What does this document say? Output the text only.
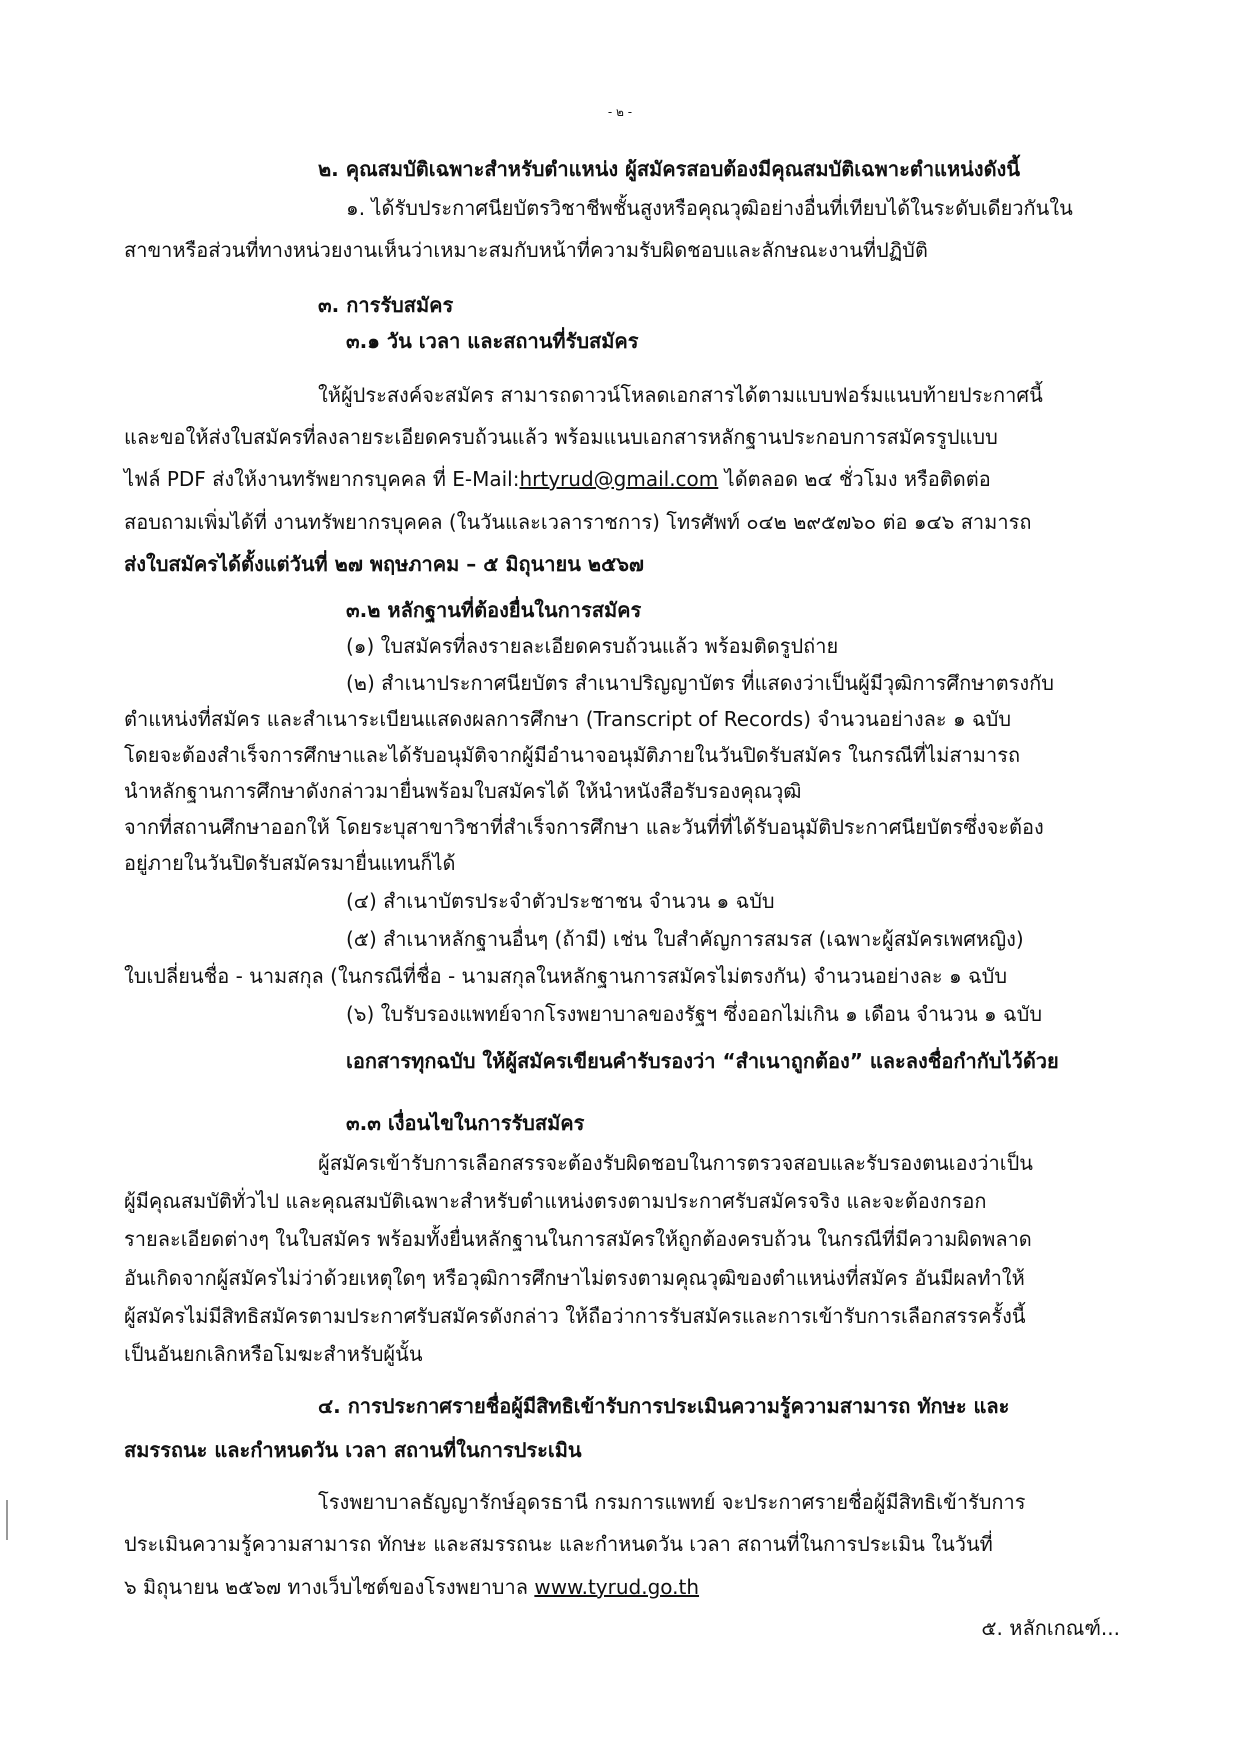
- ๒ -
๒. คุณสมบัติเฉพาะสำหรับตำแหน่ง ผู้สมัครสอบต้องมีคุณสมบัติเฉพาะตำแหน่งดังนี้
๑. ได้รับประกาศนียบัตรวิชาชีพชั้นสูงหรือคุณวุฒิอย่างอื่นที่เทียบได้ในระดับเดียวกันใน
สาขาหรือส่วนที่ทางหน่วยงานเห็นว่าเหมาะสมกับหน้าที่ความรับผิดชอบและลักษณะงานที่ปฏิบัติ
๓. การรับสมัคร
๓.๑ วัน เวลา และสถานที่รับสมัคร
ให้ผู้ประสงค์จะสมัคร สามารถดาวน์โหลดเอกสารได้ตามแบบฟอร์มแนบท้ายประกาศนี้
และขอให้ส่งใบสมัครที่ลงลายระเอียดครบถ้วนแล้ว พร้อมแนบเอกสารหลักฐานประกอบการสมัครรูปแบบ
ไฟล์ PDF ส่งให้งานทรัพยากรบุคคล ที่ E-Mail:hrtyrud@gmail.com ได้ตลอด ๒๔ ชั่วโมง หรือติดต่อ
สอบถามเพิ่มได้ที่ งานทรัพยากรบุคคล (ในวันและเวลาราชการ) โทรศัพท์ ๐๔๒ ๒๙๕๗๖๐ ต่อ ๑๔๖ สามารถ
ส่งใบสมัครได้ตั้งแต่วันที่ ๒๗ พฤษภาคม – ๕ มิถุนายน ๒๕๖๗
๓.๒ หลักฐานที่ต้องยื่นในการสมัคร
(๑) ใบสมัครที่ลงรายละเอียดครบถ้วนแล้ว พร้อมติดรูปถ่าย
(๒) สำเนาประกาศนียบัตร สำเนาปริญญาบัตร ที่แสดงว่าเป็นผู้มีวุฒิการศึกษาตรงกับ
ตำแหน่งที่สมัคร และสำเนาระเบียนแสดงผลการศึกษา (Transcript of Records) จำนวนอย่างละ ๑ ฉบับ
โดยจะต้องสำเร็จการศึกษาและได้รับอนุมัติจากผู้มีอำนาจอนุมัติภายในวันปิดรับสมัคร ในกรณีที่ไม่สามารถ
นำหลักฐานการศึกษาดังกล่าวมายื่นพร้อมใบสมัครได้ ให้นำหนังสือรับรองคุณวุฒิ
จากที่สถานศึกษาออกให้ โดยระบุสาขาวิชาที่สำเร็จการศึกษา และวันที่ที่ได้รับอนุมัติประกาศนียบัตรซึ่งจะต้อง
อยู่ภายในวันปิดรับสมัครมายื่นแทนก็ได้
(๔) สำเนาบัตรประจำตัวประชาชน จำนวน ๑ ฉบับ
(๕) สำเนาหลักฐานอื่นๆ (ถ้ามี) เช่น ใบสำคัญการสมรส (เฉพาะผู้สมัครเพศหญิง)
ใบเปลี่ยนชื่อ - นามสกุล (ในกรณีที่ชื่อ - นามสกุลในหลักฐานการสมัครไม่ตรงกัน) จำนวนอย่างละ ๑ ฉบับ
(๖) ใบรับรองแพทย์จากโรงพยาบาลของรัฐฯ ซึ่งออกไม่เกิน ๑ เดือน จำนวน ๑ ฉบับ
เอกสารทุกฉบับ ให้ผู้สมัครเขียนคำรับรองว่า “สำเนาถูกต้อง” และลงชื่อกำกับไว้ด้วย
๓.๓ เงื่อนไขในการรับสมัคร
ผู้สมัครเข้ารับการเลือกสรรจะต้องรับผิดชอบในการตรวจสอบและรับรองตนเองว่าเป็น
ผู้มีคุณสมบัติทั่วไป และคุณสมบัติเฉพาะสำหรับตำแหน่งตรงตามประกาศรับสมัครจริง และจะต้องกรอก
รายละเอียดต่างๆ ในใบสมัคร พร้อมทั้งยื่นหลักฐานในการสมัครให้ถูกต้องครบถ้วน ในกรณีที่มีความผิดพลาด
อันเกิดจากผู้สมัครไม่ว่าด้วยเหตุใดๆ หรือวุฒิการศึกษาไม่ตรงตามคุณวุฒิของตำแหน่งที่สมัคร อันมีผลทำให้
ผู้สมัครไม่มีสิทธิสมัครตามประกาศรับสมัครดังกล่าว ให้ถือว่าการรับสมัครและการเข้ารับการเลือกสรรครั้งนี้
เป็นอันยกเลิกหรือโมฆะสำหรับผู้นั้น
๔. การประกาศรายชื่อผู้มีสิทธิเข้ารับการประเมินความรู้ความสามารถ ทักษะ และ
สมรรถนะ และกำหนดวัน เวลา สถานที่ในการประเมิน
โรงพยาบาลธัญญารักษ์อุดรธานี กรมการแพทย์ จะประกาศรายชื่อผู้มีสิทธิเข้ารับการ
ประเมินความรู้ความสามารถ ทักษะ และสมรรถนะ และกำหนดวัน เวลา สถานที่ในการประเมิน ในวันที่
๖ มิถุนายน ๒๕๖๗ ทางเว็บไซต์ของโรงพยาบาล www.tyrud.go.th
๕. หลักเกณฑ์...
